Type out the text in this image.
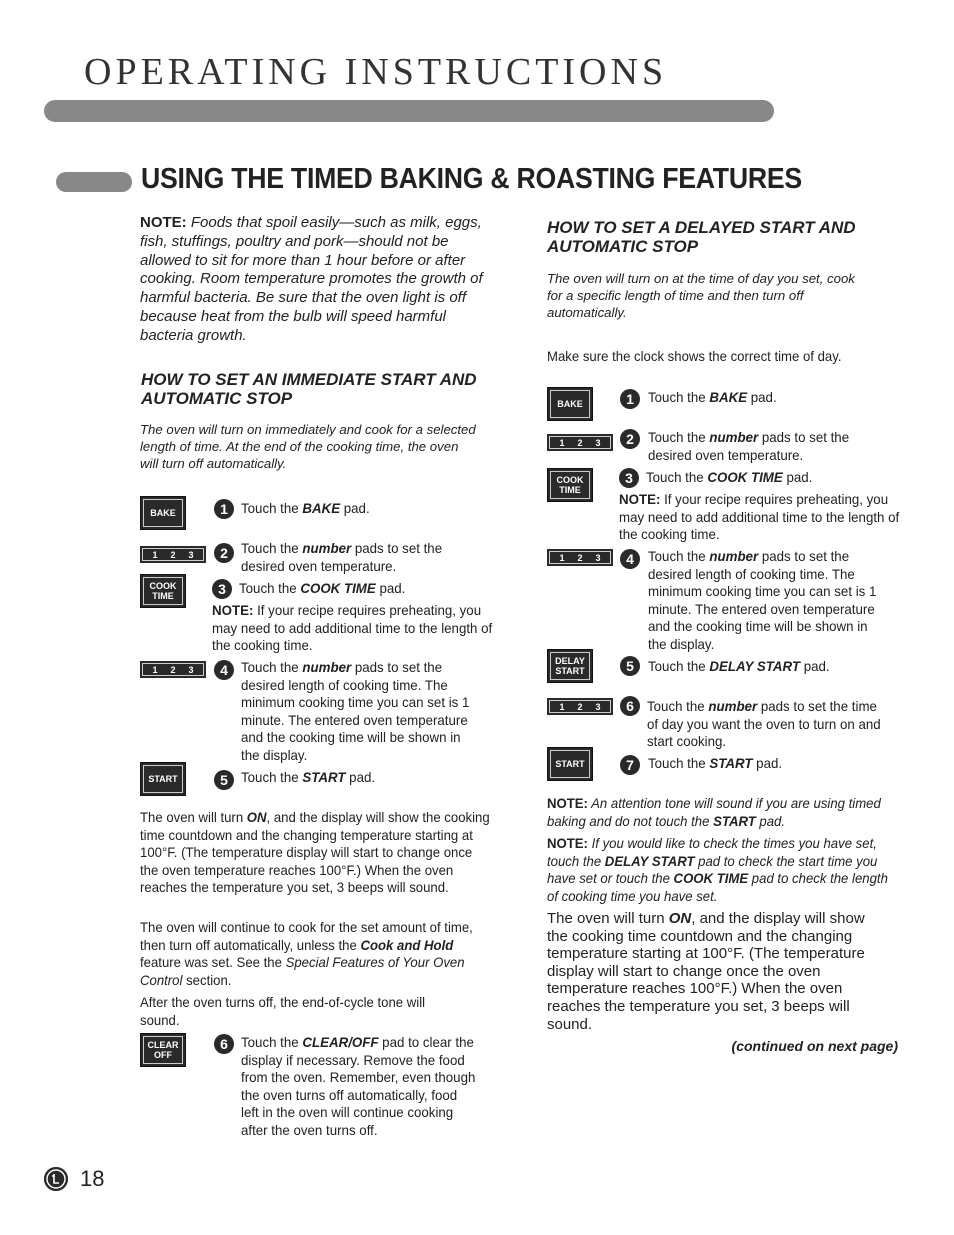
OPERATING INSTRUCTIONS
USING THE TIMED BAKING & ROASTING FEATURES
NOTE: Foods that spoil easily—such as milk, eggs, fish, stuffings, poultry and pork—should not be allowed to sit for more than 1 hour before or after cooking. Room temperature promotes the growth of harmful bacteria. Be sure that the oven light is off because heat from the bulb will speed harmful bacteria growth.
HOW TO SET AN IMMEDIATE START AND AUTOMATIC STOP
The oven will turn on immediately and cook for a selected length of time. At the end of the cooking time, the oven will turn off automatically.
BAKE
1 2 3
COOK TIME
1 2 3
START
CLEAR OFF
1 Touch the BAKE pad.
2 Touch the number pads to set the desired oven temperature.
3 Touch the COOK TIME pad.
NOTE: If your recipe requires preheating, you may need to add additional time to the length of the cooking time.
4 Touch the number pads to set the desired length of cooking time. The minimum cooking time you can set is 1 minute. The entered oven temperature and the cooking time will be shown in the display.
5 Touch the START pad.
The oven will turn ON, and the display will show the cooking time countdown and the changing temperature starting at 100°F. (The temperature display will start to change once the oven temperature reaches 100°F.) When the oven reaches the temperature you set, 3 beeps will sound.
The oven will continue to cook for the set amount of time, then turn off automatically, unless the Cook and Hold feature was set. See the Special Features of Your Oven Control section.
After the oven turns off, the end-of-cycle tone will sound.
6 Touch the CLEAR/OFF pad to clear the display if necessary. Remove the food from the oven. Remember, even though the oven turns off automatically, food left in the oven will continue cooking after the oven turns off.
HOW TO SET A DELAYED START AND AUTOMATIC STOP
The oven will turn on at the time of day you set, cook for a specific length of time and then turn off automatically.
Make sure the clock shows the correct time of day.
BAKE
1 2 3
COOK TIME
1 2 3
DELAY START
1 2 3
START
1	Touch the BAKE pad.
2	Touch the number pads to set the desired oven temperature.
3 Touch the COOK TIME pad.
NOTE: If your recipe requires preheating, you may need to add additional time to the length of the cooking time.
4	Touch the number pads to set the desired length of cooking time. The minimum cooking time you can set is 1 minute. The entered oven temperature and the cooking time will be shown in the display.
5	Touch the DELAY START pad.
6 Touch the number pads to set the time of day you want the oven to turn on and start cooking.
7	Touch the START pad.
NOTE: An attention tone will sound if you are using timed baking and do not touch the START pad.
NOTE: If you would like to check the times you have set, touch the DELAY START pad to check the start time you have set or touch the COOK TIME pad to check the length of cooking time you have set.
The oven will turn ON, and the display will show the cooking time countdown and the changing temperature starting at 100°F. (The temperature display will start to change once the oven temperature reaches 100°F.) When the oven reaches the temperature you set, 3 beeps will sound.
(continued on next page)
18
